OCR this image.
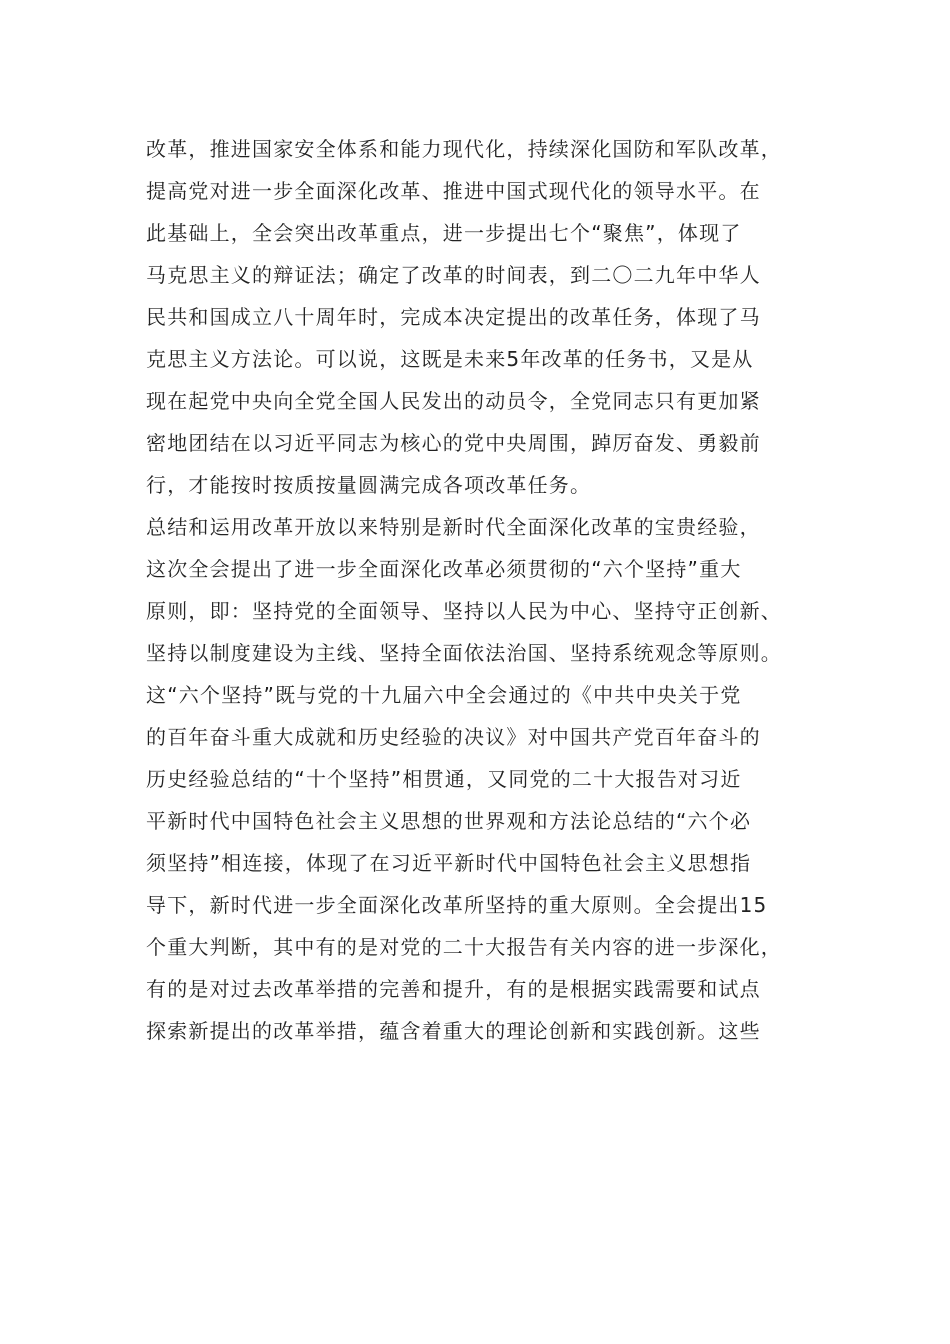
改革，推进国家安全体系和能力现代化，持续深化国防和军队改革，
提高党对进一步全面深化改革、推进中国式现代化的领导水平。在
此基础上，全会突出改革重点，进一步提出七个“聚焦”，体现了
马克思主义的辩证法；确定了改革的时间表，到二〇二九年中华人
民共和国成立八十周年时，完成本决定提出的改革任务，体现了马
克思主义方法论。可以说，这既是未来5年改革的任务书，又是从
现在起党中央向全党全国人民发出的动员令，全党同志只有更加紧
密地团结在以习近平同志为核心的党中央周围，踔厉奋发、勇毅前
行，才能按时按质按量圆满完成各项改革任务。
总结和运用改革开放以来特别是新时代全面深化改革的宝贵经验，
这次全会提出了进一步全面深化改革必须贯彻的“六个坚持”重大
原则，即：坚持党的全面领导、坚持以人民为中心、坚持守正创新、
坚持以制度建设为主线、坚持全面依法治国、坚持系统观念等原则。
这“六个坚持”既与党的十九届六中全会通过的《中共中央关于党
的百年奋斗重大成就和历史经验的决议》对中国共产党百年奋斗的
历史经验总结的“十个坚持”相贯通，又同党的二十大报告对习近
平新时代中国特色社会主义思想的世界观和方法论总结的“六个必
须坚持”相连接，体现了在习近平新时代中国特色社会主义思想指
导下，新时代进一步全面深化改革所坚持的重大原则。全会提出15
个重大判断，其中有的是对党的二十大报告有关内容的进一步深化，
有的是对过去改革举措的完善和提升，有的是根据实践需要和试点
探索新提出的改革举措，蕴含着重大的理论创新和实践创新。这些
